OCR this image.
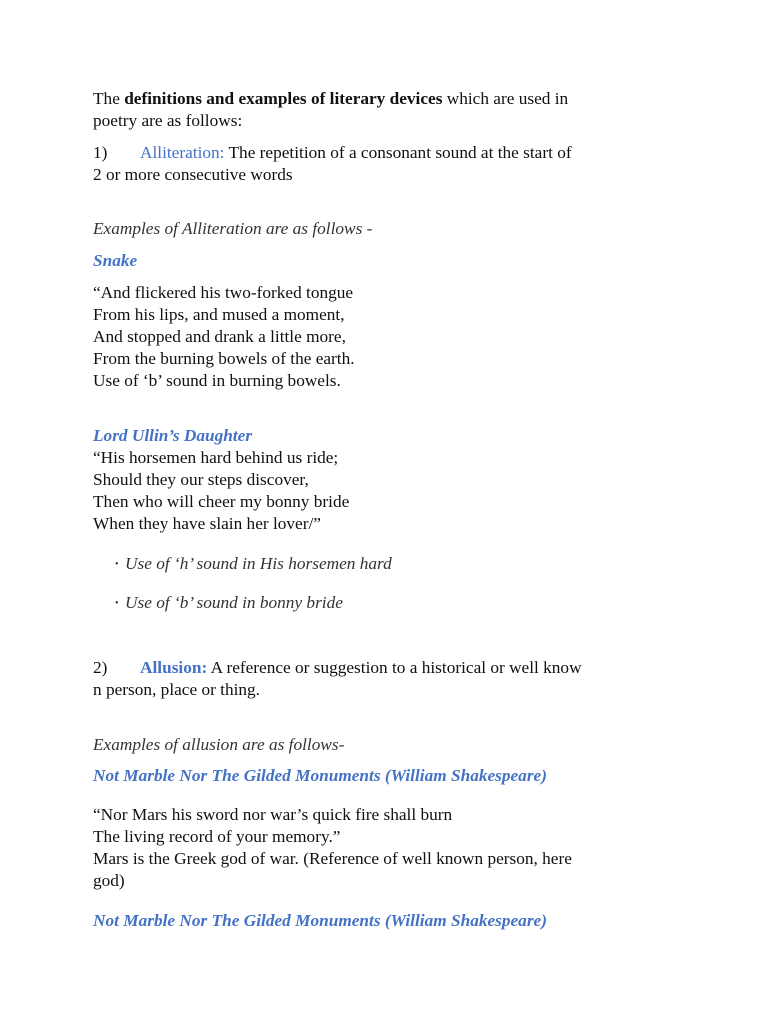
The definitions and examples of literary devices which are used in
poetry are as follows:
1) Alliteration: The repetition of a consonant sound at the start of
2 or more consecutive words
Examples of Alliteration are as follows -
Snake
“And flickered his two-forked tongue
From his lips, and mused a moment,
And stopped and drank a little more,
From the burning bowels of the earth.
Use of ‘b’ sound in burning bowels.
Lord Ullin’s Daughter
“His horsemen hard behind us ride;
Should they our steps discover,
Then who will cheer my bonny bride
When they have slain her lover/”
• Use of ‘h’ sound in His horsemen hard
• Use of ‘b’ sound in bonny bride
2) Allusion: A reference or suggestion to a historical or well know
n person, place or thing.
Examples of allusion are as follows-
Not Marble Nor The Gilded Monuments (William Shakespeare)
“Nor Mars his sword nor war’s quick fire shall burn
The living record of your memory.”
Mars is the Greek god of war. (Reference of well known person, here
god)
Not Marble Nor The Gilded Monuments (William Shakespeare)
